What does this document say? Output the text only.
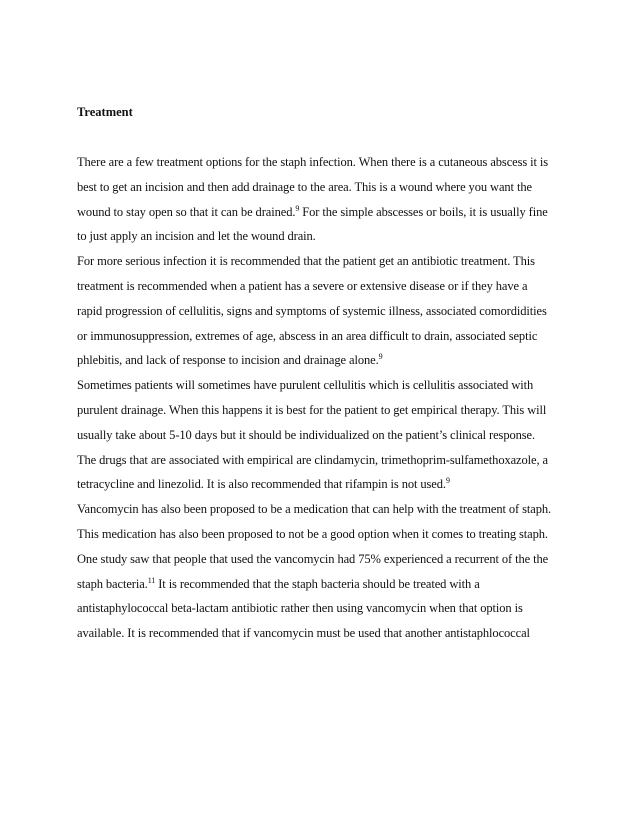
Treatment
There are a few treatment options for the staph infection. When there is a cutaneous abscess it is
best to get an incision and then add drainage to the area. This is a wound where you want the
wound to stay open so that it can be drained.$^9$ For the simple abscesses or boils, it is usually fine
to just apply an incision and let the wound drain.
For more serious infection it is recommended that the patient get an antibiotic treatment. This
treatment is recommended when a patient has a severe or extensive disease or if they have a
rapid progression of cellulitis, signs and symptoms of systemic illness, associated comordidities
or immunosuppression, extremes of age, abscess in an area difficult to drain, associated septic
phlebitis, and lack of response to incision and drainage alone.$^9$
Sometimes patients will sometimes have purulent cellulitis which is cellulitis associated with
purulent drainage. When this happens it is best for the patient to get empirical therapy. This will
usually take about 5-10 days but it should be individualized on the patient’s clinical response.
The drugs that are associated with empirical are clindamycin, trimethoprim-sulfamethoxazole, a
tetracycline and linezolid. It is also recommended that rifampin is not used.$^9$
Vancomycin has also been proposed to be a medication that can help with the treatment of staph.
This medication has also been proposed to not be a good option when it comes to treating staph.
One study saw that people that used the vancomycin had 75% experienced a recurrent of the the
staph bacteria.$^{11}$ It is recommended that the staph bacteria should be treated with a
antistaphylococcal beta-lactam antibiotic rather then using vancomycin when that option is
available. It is recommended that if vancomycin must be used that another antistaphlococcal
